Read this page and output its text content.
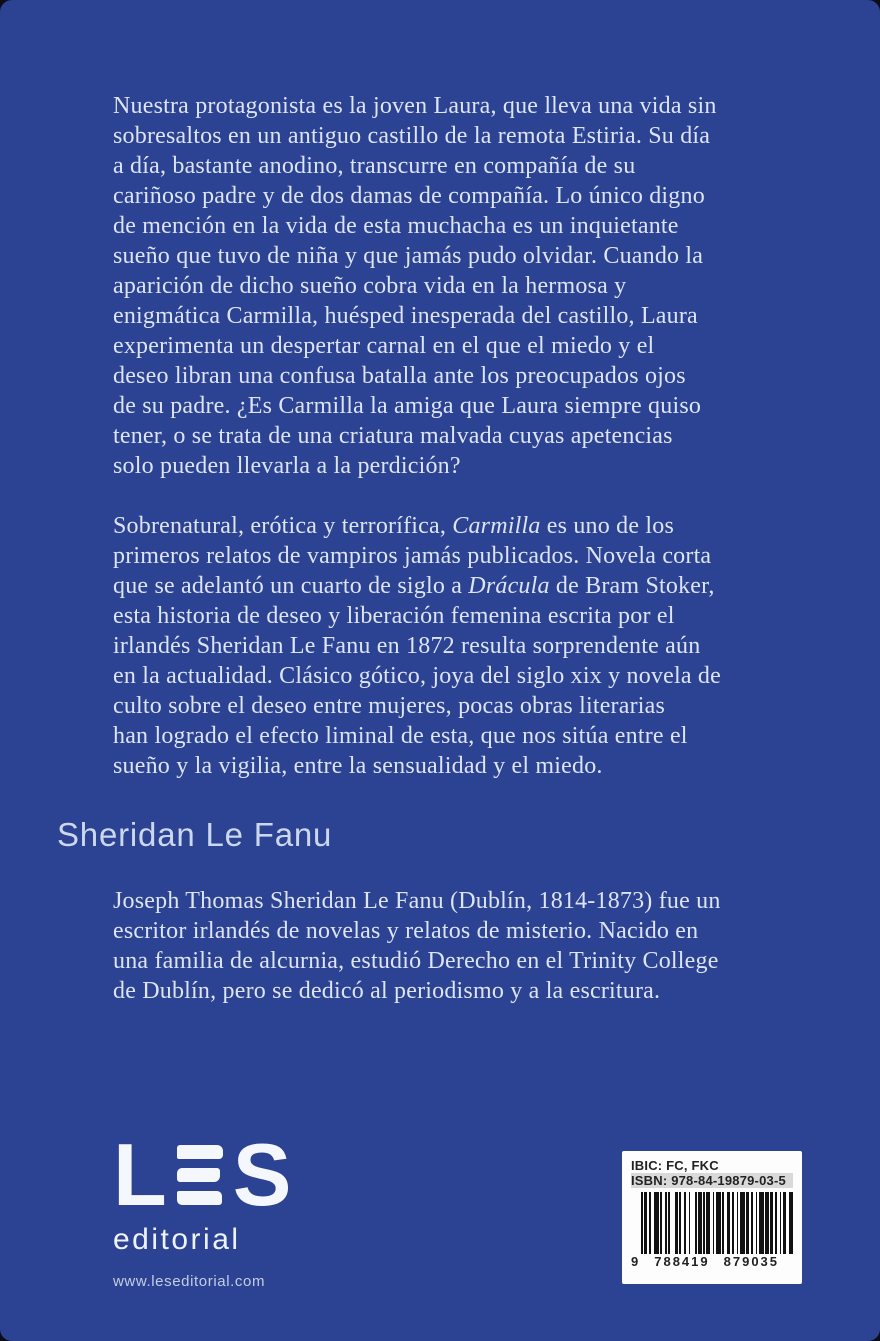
Nuestra protagonista es la joven Laura, que lleva una vida sin
sobresaltos en un antiguo castillo de la remota Estiria. Su día
a día, bastante anodino, transcurre en compañía de su
cariñoso padre y de dos damas de compañía. Lo único digno
de mención en la vida de esta muchacha es un inquietante
sueño que tuvo de niña y que jamás pudo olvidar. Cuando la
aparición de dicho sueño cobra vida en la hermosa y
enigmática Carmilla, huésped inesperada del castillo, Laura
experimenta un despertar carnal en el que el miedo y el
deseo libran una confusa batalla ante los preocupados ojos
de su padre. ¿Es Carmilla la amiga que Laura siempre quiso
tener, o se trata de una criatura malvada cuyas apetencias
solo pueden llevarla a la perdición?
Sobrenatural, erótica y terrorífica, Carmilla es uno de los
primeros relatos de vampiros jamás publicados. Novela corta
que se adelantó un cuarto de siglo a Drácula de Bram Stoker,
esta historia de deseo y liberación femenina escrita por el
irlandés Sheridan Le Fanu en 1872 resulta sorprendente aún
en la actualidad. Clásico gótico, joya del siglo xix y novela de
culto sobre el deseo entre mujeres, pocas obras literarias
han logrado el efecto liminal de esta, que nos sitúa entre el
sueño y la vigilia, entre la sensualidad y el miedo.
Sheridan Le Fanu
Joseph Thomas Sheridan Le Fanu (Dublín, 1814-1873) fue un
escritor irlandés de novelas y relatos de misterio. Nacido en
una familia de alcurnia, estudió Derecho en el Trinity College
de Dublín, pero se dedicó al periodismo y a la escritura.
L S
editorial
www.leseditorial.com
IBIC: FC, FKC
ISBN: 978-84-19879-03-5
9 788419 879035
